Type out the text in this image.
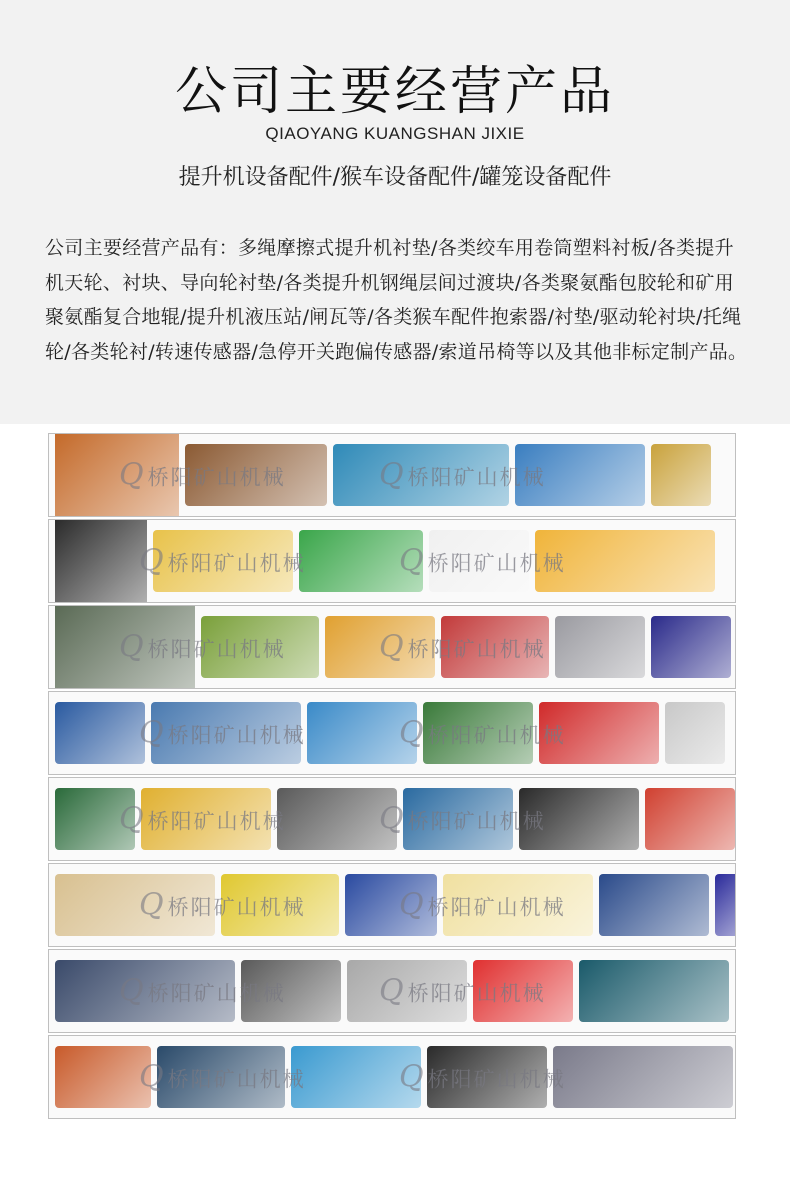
公司主要经营产品
QIAOYANG KUANGSHAN JIXIE
提升机设备配件/猴车设备配件/罐笼设备配件
公司主要经营产品有：多绳摩擦式提升机衬垫/各类绞车用卷筒塑料衬板/各类提升机天轮、衬块、导向轮衬垫/各类提升机钢绳层间过渡块/各类聚氨酯包胶轮和矿用聚氨酯复合地辊/提升机液压站/闸瓦等/各类猴车配件抱索器/衬垫/驱动轮衬块/托绳轮/各类轮衬/转速传感器/急停开关跑偏传感器/索道吊椅等以及其他非标定制产品。
Q桥阳矿山机械	Q桥阳矿山机械
Q桥阳矿山机械	Q桥阳矿山机械
Q桥阳矿山机械	Q桥阳矿山机械
Q桥阳矿山机械	Q桥阳矿山机械
Q桥阳矿山机械	Q桥阳矿山机械
Q桥阳矿山机械	Q桥阳矿山机械
Q桥阳矿山机械	Q桥阳矿山机械
Q桥阳矿山机械	Q桥阳矿山机械
